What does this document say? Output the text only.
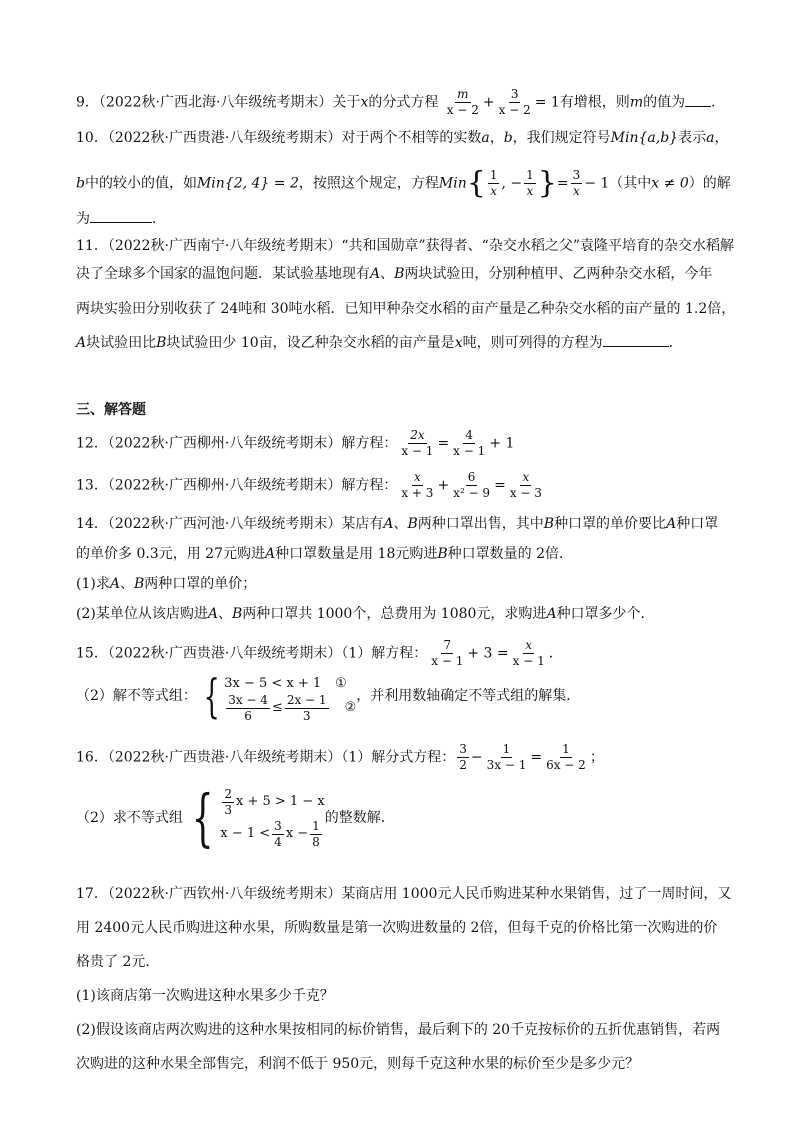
9．（2022秋·广西北海·八年级统考期末）关于x的分式方程 $\frac{m}{x - 2} + \frac{3}{x - 2} = 1$有增根，则m的值为 ．
10．（2022秋·广西贵港·八年级统考期末）对于两个不相等的实数a，b，我们规定符号Min{a,b}表示a，
b中的较小的值，如Min{2, 4} = 2，按照这个规定，方程$Min\{ \frac{1}{x}$ , − $\frac{1}{x}$ }= $\frac{3}{x} - 1$（其中x ≠ 0）的解
为	．
11．（2022秋·广西南宁·八年级统考期末）“共和国勋章”获得者、“杂交水稻之父”袁隆平培育的杂交水稻解
决了全球多个国家的温饱问题．某试验基地现有A、B两块试验田，分别种植甲、乙两种杂交水稻，今年
两块实验田分别收获了 24吨和 30吨水稻．已知甲种杂交水稻的亩产量是乙种杂交水稻的亩产量的 1.2倍，
A块试验田比B块试验田少 10亩，设乙种杂交水稻的亩产量是x吨，则可列得的方程为	．
三、解答题
12．（2022秋·广西柳州·八年级统考期末）解方程： $\frac{2x}{x - 1} = \frac{4}{x - 1} + 1$
13．（2022秋·广西柳州·八年级统考期末）解方程： $\frac{x}{x + 3} + \frac{6}{\text{x² − 9}} = \frac{x}{x - 3}$
14．（2022秋·广西河池·八年级统考期末）某店有A、B两种口罩出售，其中B种口罩的单价要比A种口罩
的单价多 0.3元，用 27元购进A种口罩数量是用 18元购进B种口罩数量的 2倍．
(1)求A、B两种口罩的单价；
(2)某单位从该店购进A、B两种口罩共 1000个，总费用为 1080元，求购进A种口罩多少个．
15．（2022秋·广西贵港·八年级统考期末）（1）解方程： $\frac{7}{x - 1} + 3 = \frac{x}{x - 1}$ ．
（2）解不等式组： { 3x − 5 < x + 1 ①
$\frac{3x - 4}{6} \le \frac{2x - 1}{3}$ ②
，并利用数轴确定不等式组的解集．
16．（2022秋·广西贵港·八年级统考期末）（1）解分式方程： $\frac{3}{2} - \frac{1}{3x - 1} = \frac{1}{6x - 2}$ ；
（2）求不等式组 { $\frac{2}{3}$ x + 5 > 1 − x
$x - 1 < \frac{3}{4}$ $x - \frac{1}{8}$
的整数解．
17．（2022秋·广西钦州·八年级统考期末）某商店用 1000元人民币购进某种水果销售，过了一周时间，又
用 2400元人民币购进这种水果，所购数量是第一次购进数量的 2倍，但每千克的价格比第一次购进的价
格贵了 2元．
(1)该商店第一次购进这种水果多少千克？
(2)假设该商店两次购进的这种水果按相同的标价销售，最后剩下的 20千克按标价的五折优惠销售，若两
次购进的这种水果全部售完，利润不低于 950元，则每千克这种水果的标价至少是多少元？
